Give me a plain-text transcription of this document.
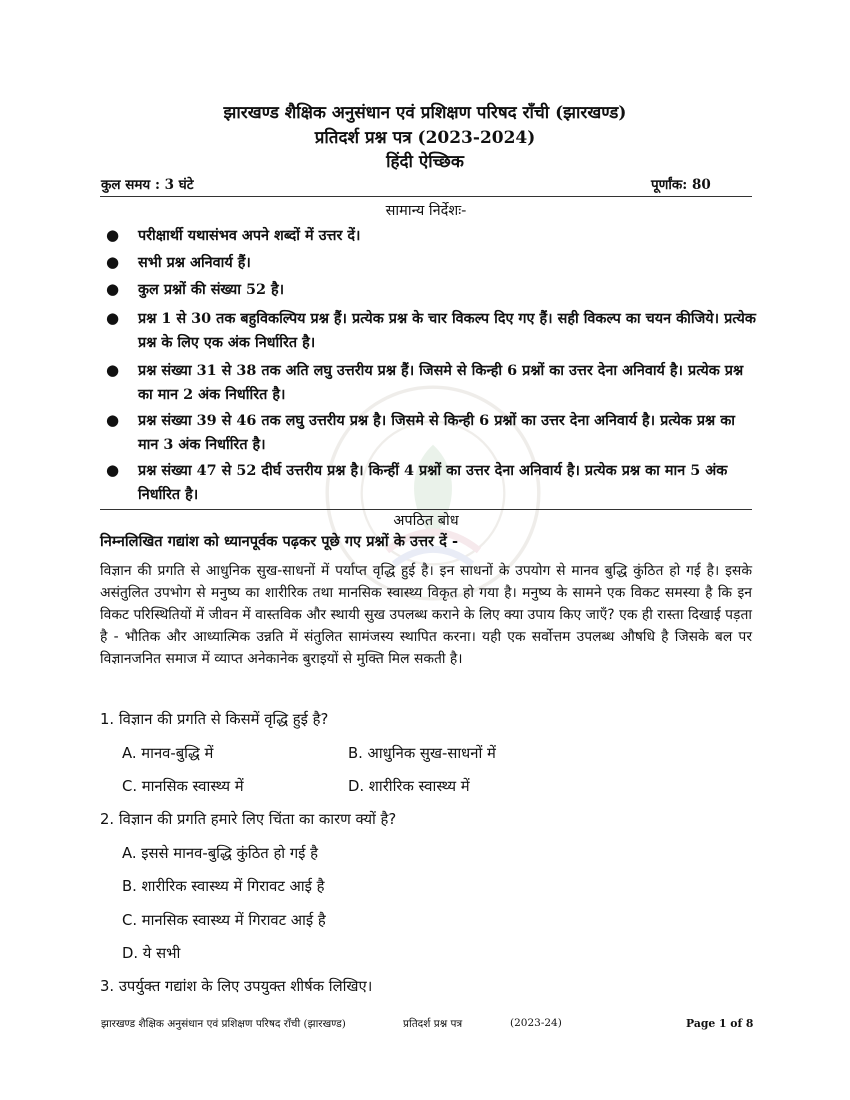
झारखण्ड शैक्षिक अनुसंधान एवं प्रशिक्षण परिषद राँची (झारखण्ड)
प्रतिदर्श प्रश्न पत्र (2023-2024)
हिंदी ऐच्छिक
कुल समय : 3 घंटे	पूर्णांक: 80
सामान्य निर्देशः-
● परीक्षार्थी यथासंभव अपने शब्दों में उत्तर दें।
● सभी प्रश्न अनिवार्य हैं।
● कुल प्रश्नों की संख्या 52 है।
● प्रश्न 1 से 30 तक बहुविकल्पिय प्रश्न हैं। प्रत्येक प्रश्न के चार विकल्प दिए गए हैं। सही विकल्प का चयन कीजिये। प्रत्येक प्रश्न के लिए एक अंक निर्धारित है।
● प्रश्न संख्या 31 से 38 तक अति लघु उत्तरीय प्रश्न हैं। जिसमे से किन्ही 6 प्रश्नों का उत्तर देना अनिवार्य है। प्रत्येक प्रश्न का मान 2 अंक निर्धारित है।
● प्रश्न संख्या 39 से 46 तक लघु उत्तरीय प्रश्न है। जिसमे से किन्ही 6 प्रश्नों का उत्तर देना अनिवार्य है। प्रत्येक प्रश्न का मान 3 अंक निर्धारित है।
● प्रश्न संख्या 47 से 52 दीर्घ उत्तरीय प्रश्न है। किन्हीं 4 प्रश्नों का उत्तर देना अनिवार्य है। प्रत्येक प्रश्न का मान 5 अंक निर्धारित है।
अपठित बोध
निम्नलिखित गद्यांश को ध्यानपूर्वक पढ़कर पूछे गए प्रश्नों के उत्तर दें -

विज्ञान की प्रगति से आधुनिक सुख-साधनों में पर्याप्त वृद्धि हुई है। इन साधनों के उपयोग से मानव बुद्धि कुंठित हो गई है। इसके असंतुलित उपभोग से मनुष्य का शारीरिक तथा मानसिक स्वास्थ्य विकृत हो गया है। मनुष्य के सामने एक विकट समस्या है कि इन विकट परिस्थितियों में जीवन में वास्तविक और स्थायी सुख उपलब्ध कराने के लिए क्या उपाय किए जाएँ? एक ही रास्ता दिखाई पड़ता है - भौतिक और आध्यात्मिक उन्नति में संतुलित सामंजस्य स्थापित करना। यही एक सर्वोत्तम उपलब्ध औषधि है जिसके बल पर विज्ञानजनित समाज में व्याप्त अनेकानेक बुराइयों से मुक्ति मिल सकती है।

1. विज्ञान की प्रगति से किसमें वृद्धि हुई है?
A. मानव-बुद्धि में	B. आधुनिक सुख-साधनों में
C. मानसिक स्वास्थ्य में	D. शारीरिक स्वास्थ्य में
2. विज्ञान की प्रगति हमारे लिए चिंता का कारण क्यों है?
A. इससे मानव-बुद्धि कुंठित हो गई है
B. शारीरिक स्वास्थ्य में गिरावट आई है
C. मानसिक स्वास्थ्य में गिरावट आई है
D. ये सभी
3. उपर्युक्त गद्यांश के लिए उपयुक्त शीर्षक लिखिए।
झारखण्ड शैक्षिक अनुसंधान एवं प्रशिक्षण परिषद राँची (झारखण्ड)	प्रतिदर्श प्रश्न पत्र	(2023-24)	Page 1 of 8
